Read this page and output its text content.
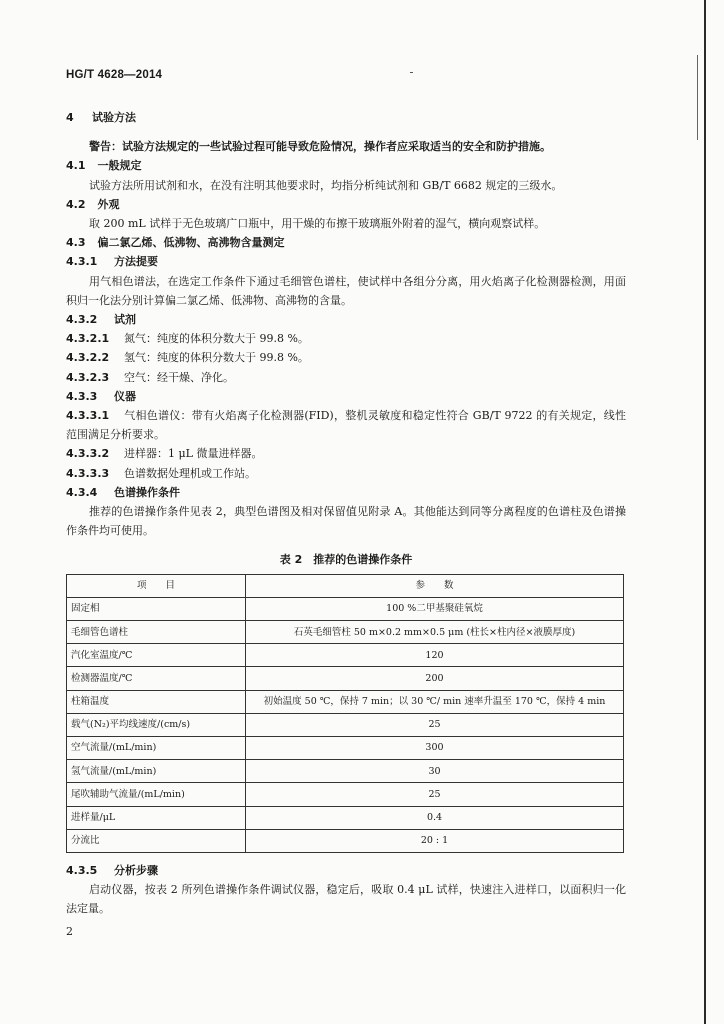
HG/T 4628—2014
4 试验方法
警告：试验方法规定的一些试验过程可能导致危险情况，操作者应采取适当的安全和防护措施。
4.1 一般规定
试验方法所用试剂和水，在没有注明其他要求时，均指分析纯试剂和 GB/T 6682 规定的三级水。
4.2 外观
取 200 mL 试样于无色玻璃广口瓶中，用干燥的布擦干玻璃瓶外附着的湿气，横向观察试样。
4.3 偏二氯乙烯、低沸物、高沸物含量测定
4.3.1 方法提要
用气相色谱法，在选定工作条件下通过毛细管色谱柱，使试样中各组分分离，用火焰离子化检测器检测，用面积归一化法分别计算偏二氯乙烯、低沸物、高沸物的含量。
4.3.2 试剂
4.3.2.1 氮气：纯度的体积分数大于 99.8 %。
4.3.2.2 氢气：纯度的体积分数大于 99.8 %。
4.3.2.3 空气：经干燥、净化。
4.3.3 仪器
4.3.3.1 气相色谱仪：带有火焰离子化检测器(FID)，整机灵敏度和稳定性符合 GB/T 9722 的有关规定，线性范围满足分析要求。
4.3.3.2 进样器：1 μL 微量进样器。
4.3.3.3 色谱数据处理机或工作站。
4.3.4 色谱操作条件
推荐的色谱操作条件见表 2，典型色谱图及相对保留值见附录 A。其他能达到同等分离程度的色谱柱及色谱操作条件均可使用。
表 2　推荐的色谱操作条件
项　　目	参　　数
固定相	100 %二甲基聚硅氧烷
毛细管色谱柱	石英毛细管柱 50 m×0.2 mm×0.5 μm (柱长×柱内径×液膜厚度)
汽化室温度/℃	120
检测器温度/℃	200
柱箱温度	初始温度 50 ℃，保持 7 min；以 30 ℃/ min 速率升温至 170 ℃，保持 4 min
载气(N₂)平均线速度/(cm/s)	25
空气流量/(mL/min)	300
氢气流量/(mL/min)	30
尾吹辅助气流量/(mL/min)	25
进样量/μL	0.4
分流比	20 : 1
4.3.5 分析步骤
启动仪器，按表 2 所列色谱操作条件调试仪器，稳定后，吸取 0.4 μL 试样，快速注入进样口，以面积归一化法定量。
2
